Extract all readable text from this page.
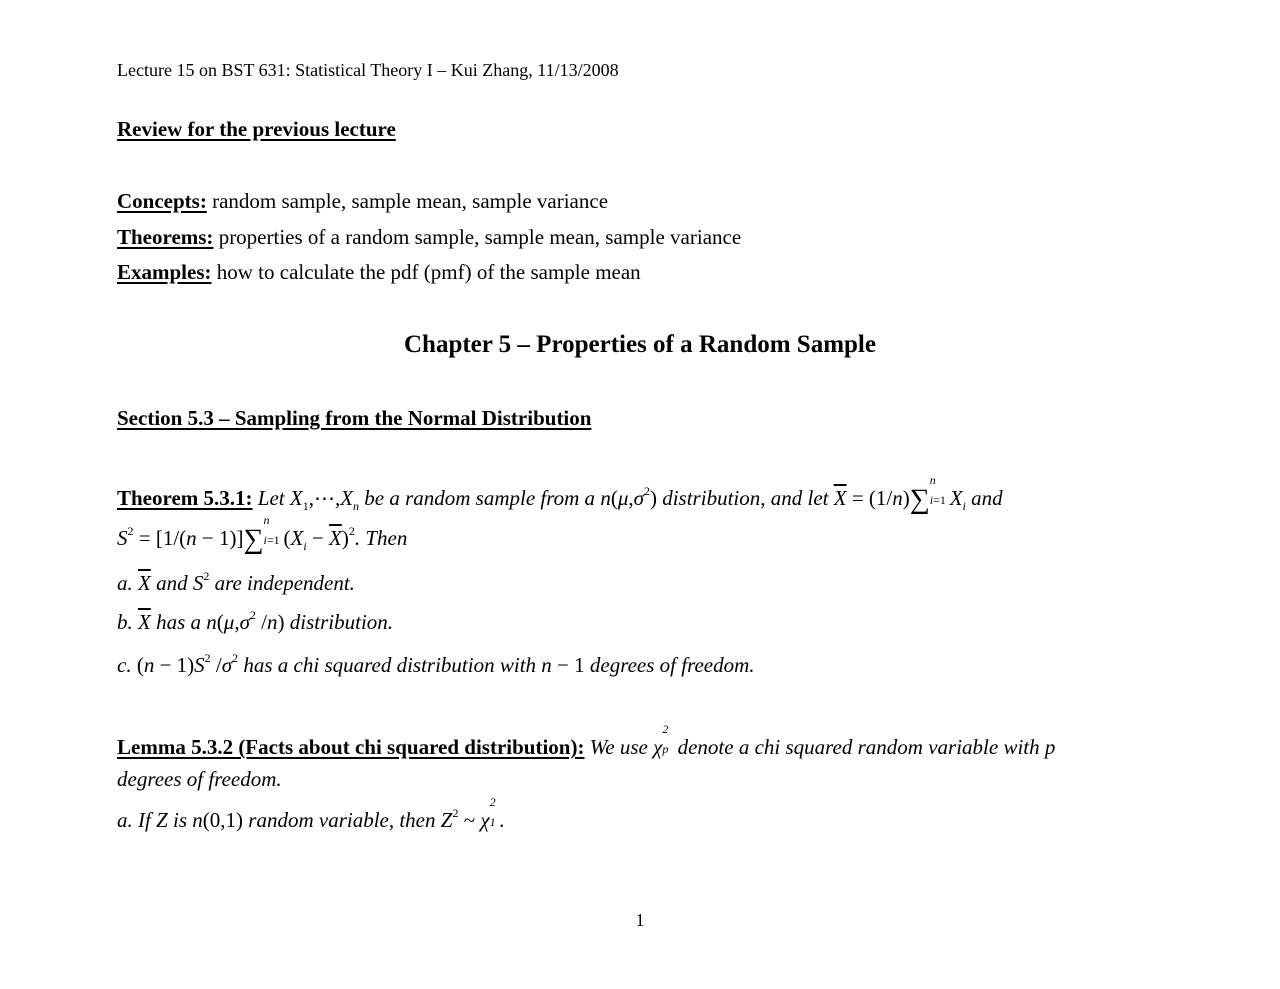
Lecture 15 on BST 631: Statistical Theory I – Kui Zhang, 11/13/2008
Review for the previous lecture
Concepts: random sample, sample mean, sample variance
Theorems: properties of a random sample, sample mean, sample variance
Examples: how to calculate the pdf (pmf) of the sample mean
Chapter 5 – Properties of a Random Sample
Section 5.3 – Sampling from the Normal Distribution
Theorem 5.3.1: Let $X_1,\cdots,X_n$ be a random sample from a $n(\mu,\sigma^2)$ distribution, and let $\overline{X} = (1/n)\sum$
n
i=1 $X_i$ and
$S^2 = [1/(n - 1)]\sum$
n
i=1 $(X_i - \overline{X})^2$. Then
a. $\overline{X}$ and $S^2$ are independent.
b. $\overline{X}$ has a $n(\mu,\sigma^2$ /n) distribution.
c. $(n - 1)S^2$ $/\sigma^2$ has a chi squared distribution with n − 1 degrees of freedom.
Lemma 5.3.2 (Facts about chi squared distribution): We use χ
2
p denote a chi squared random variable with p
degrees of freedom.
a. If Z is n(0,1) random variable, then $Z^2$ ~ χ
2
1 .
1
